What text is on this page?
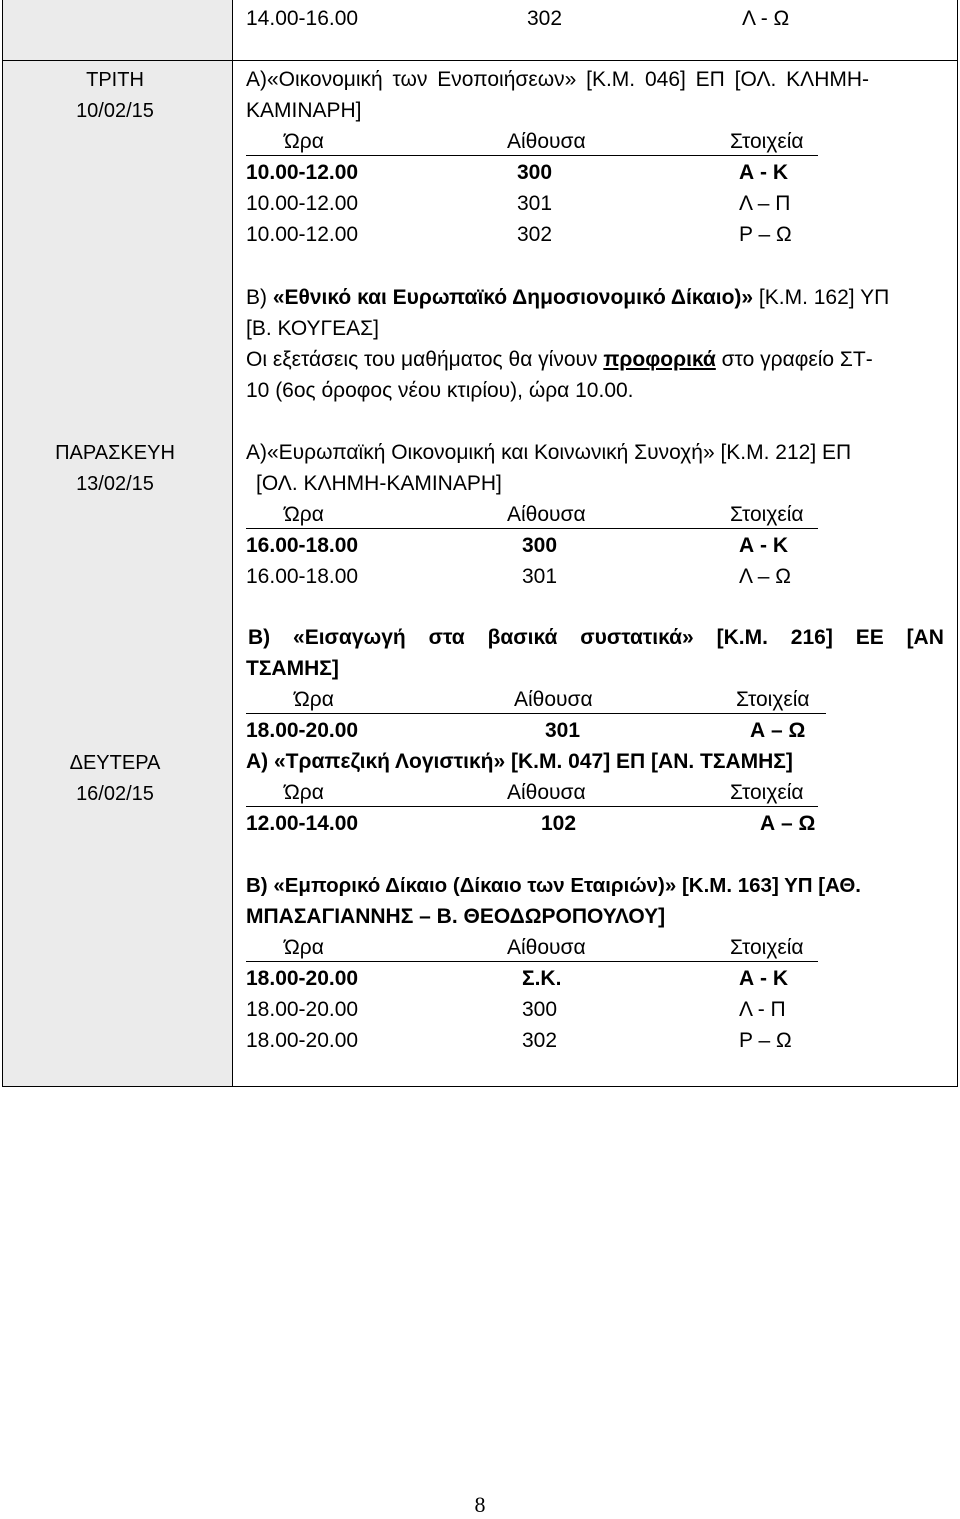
14.00-16.00	302	Λ - Ω
ΤΡΙΤΗ
10/02/15
Α)«Οικονομική των Ενοποιήσεων» [Κ.Μ. 046] ΕΠ [ΟΛ. ΚΛΗΜΗ-
ΚΑΜΙΝΑΡΗ]
Ώρα	Αίθουσα	Στοιχεία
10.00-12.00	300	Α - Κ
10.00-12.00	301	Λ – Π
10.00-12.00	302	Ρ – Ω
Β) «Εθνικό και Ευρωπαϊκό Δημοσιονομικό Δίκαιο)» [Κ.Μ. 162] ΥΠ
[Β. ΚΟΥΓΕΑΣ]
Οι εξετάσεις του μαθήματος θα γίνουν προφορικά στο γραφείο ΣΤ-
10 (6ος όροφος νέου κτιρίου), ώρα 10.00.
ΠΑΡΑΣΚΕΥΗ
13/02/15
Α)«Ευρωπαϊκή Οικονομική και Κοινωνική Συνοχή» [Κ.Μ. 212] ΕΠ
[ΟΛ. ΚΛΗΜΗ-ΚΑΜΙΝΑΡΗ]
Ώρα	Αίθουσα	Στοιχεία
16.00-18.00	300	Α - Κ
16.00-18.00	301	Λ – Ω
Β) «Εισαγωγή στα βασικά συστατικά» [Κ.Μ. 216] ΕΕ [ΑΝ
ΤΣΑΜΗΣ]
Ώρα	Αίθουσα	Στοιχεία
18.00-20.00	301	Α – Ω
ΔΕΥΤΕΡΑ
16/02/15
Α) «Τραπεζική Λογιστική» [Κ.Μ. 047] ΕΠ [ΑΝ. ΤΣΑΜΗΣ]
Ώρα	Αίθουσα	Στοιχεία
12.00-14.00	102	Α – Ω
Β) «Εμπορικό Δίκαιο (Δίκαιο των Εταιριών)» [Κ.Μ. 163] ΥΠ [ΑΘ.
ΜΠΑΣΑΓΙΑΝΝΗΣ – Β. ΘΕΟΔΩΡΟΠΟΥΛΟΥ]
Ώρα	Αίθουσα	Στοιχεία
18.00-20.00	Σ.Κ.	Α - Κ
18.00-20.00	300	Λ - Π
18.00-20.00	302	Ρ – Ω
8
